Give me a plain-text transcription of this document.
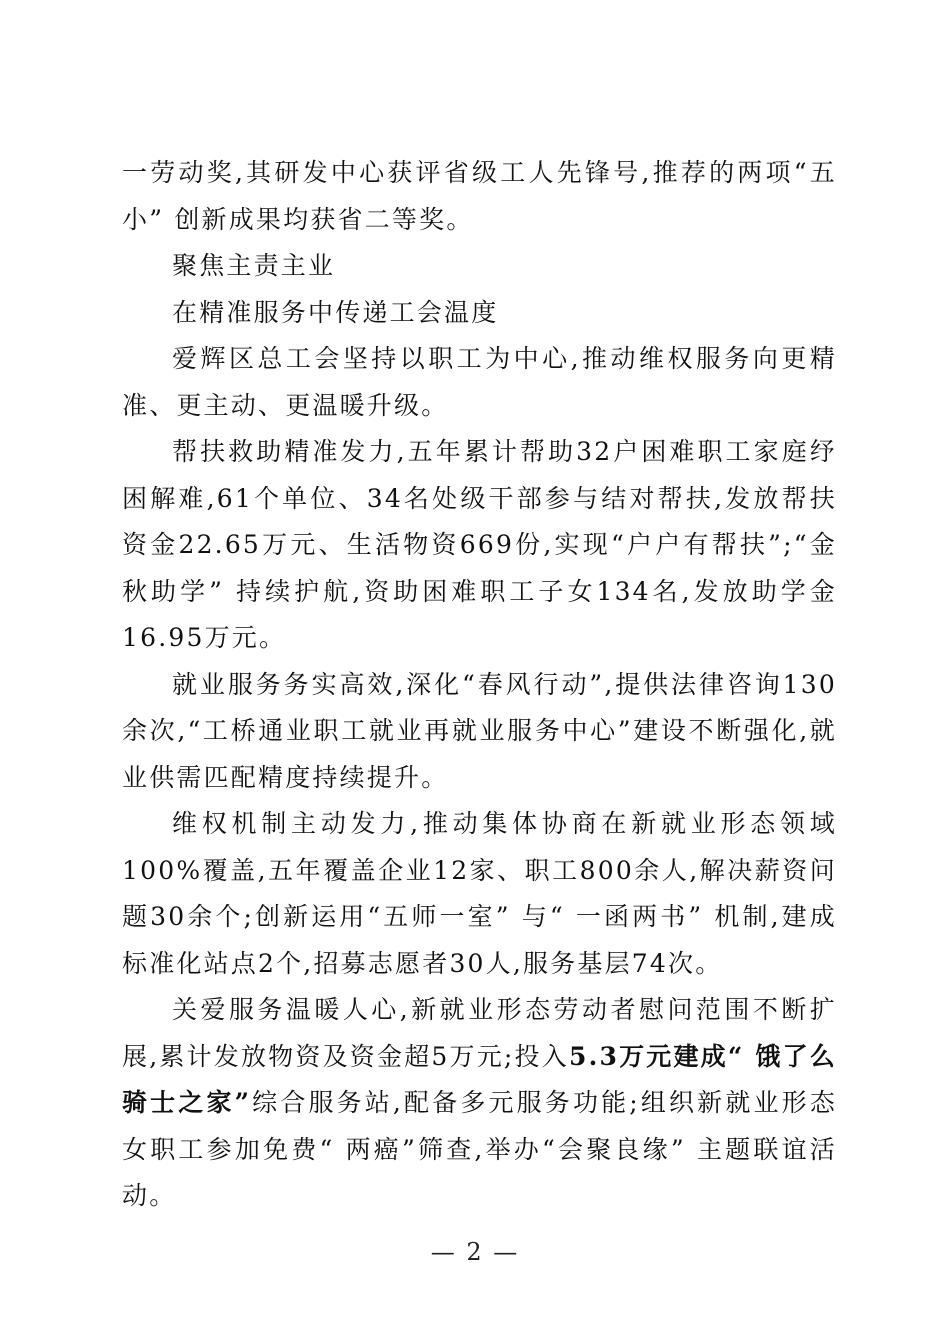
一劳动奖,其研发中心获评省级工人先锋号,推荐的两项“五小” 创新成果均获省二等奖。

聚焦主责主业

在精准服务中传递工会温度

爱辉区总工会坚持以职工为中心,推动维权服务向更精准、更主动、更温暖升级。

帮扶救助精准发力,五年累计帮助32户困难职工家庭纾困解难,61个单位、34名处级干部参与结对帮扶,发放帮扶资金22.65万元、生活物资669份,实现“户户有帮扶”;“金秋助学” 持续护航,资助困难职工子女134名,发放助学金16.95万元。

就业服务务实高效,深化“春风行动”,提供法律咨询130余次,“工桥通业职工就业再就业服务中心”建设不断强化,就业供需匹配精度持续提升。

维权机制主动发力,推动集体协商在新就业形态领域100%覆盖,五年覆盖企业12家、职工800余人,解决薪资问题30余个;创新运用“五师一室” 与“ 一函两书” 机制,建成标准化站点2个,招募志愿者30人,服务基层74次。

关爱服务温暖人心,新就业形态劳动者慰问范围不断扩展,累计发放物资及资金超5万元;投入5.3万元建成“ 饿了么骑士之家”综合服务站,配备多元服务功能;组织新就业形态女职工参加免费“ 两癌”筛查,举办“会聚良缘” 主题联谊活动。

— 2 —
